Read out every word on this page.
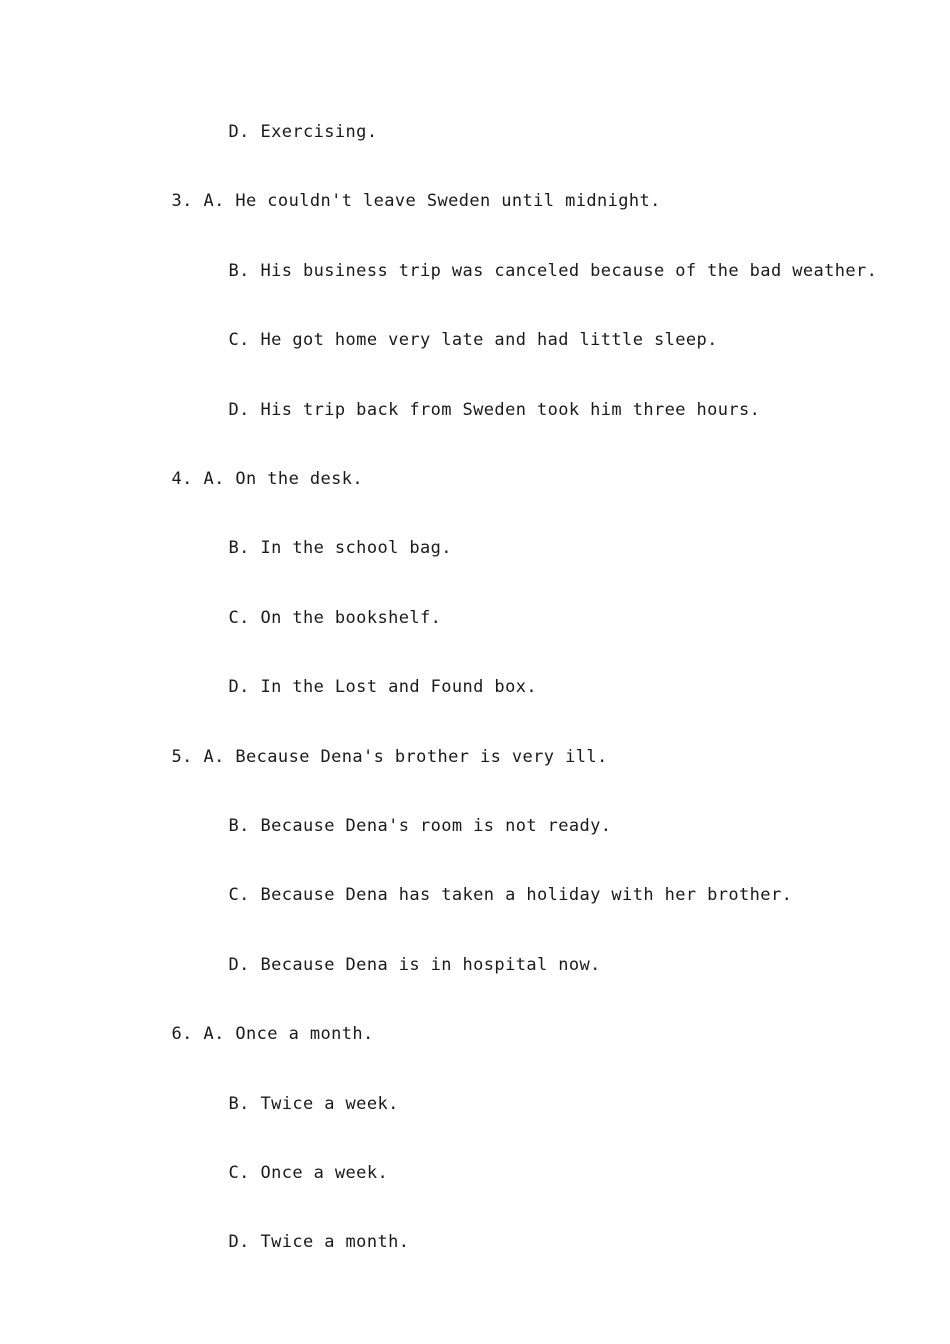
D. Exercising.

3. A. He couldn't leave Sweden until midnight.

B. His business trip was canceled because of the bad weather.

C. He got home very late and had little sleep.

D. His trip back from Sweden took him three hours.

4. A. On the desk.

B. In the school bag.

C. On the bookshelf.

D. In the Lost and Found box.

5. A. Because Dena's brother is very ill.

B. Because Dena's room is not ready.

C. Because Dena has taken a holiday with her brother.

D. Because Dena is in hospital now.

6. A. Once a month.

B. Twice a week.

C. Once a week.

D. Twice a month.
